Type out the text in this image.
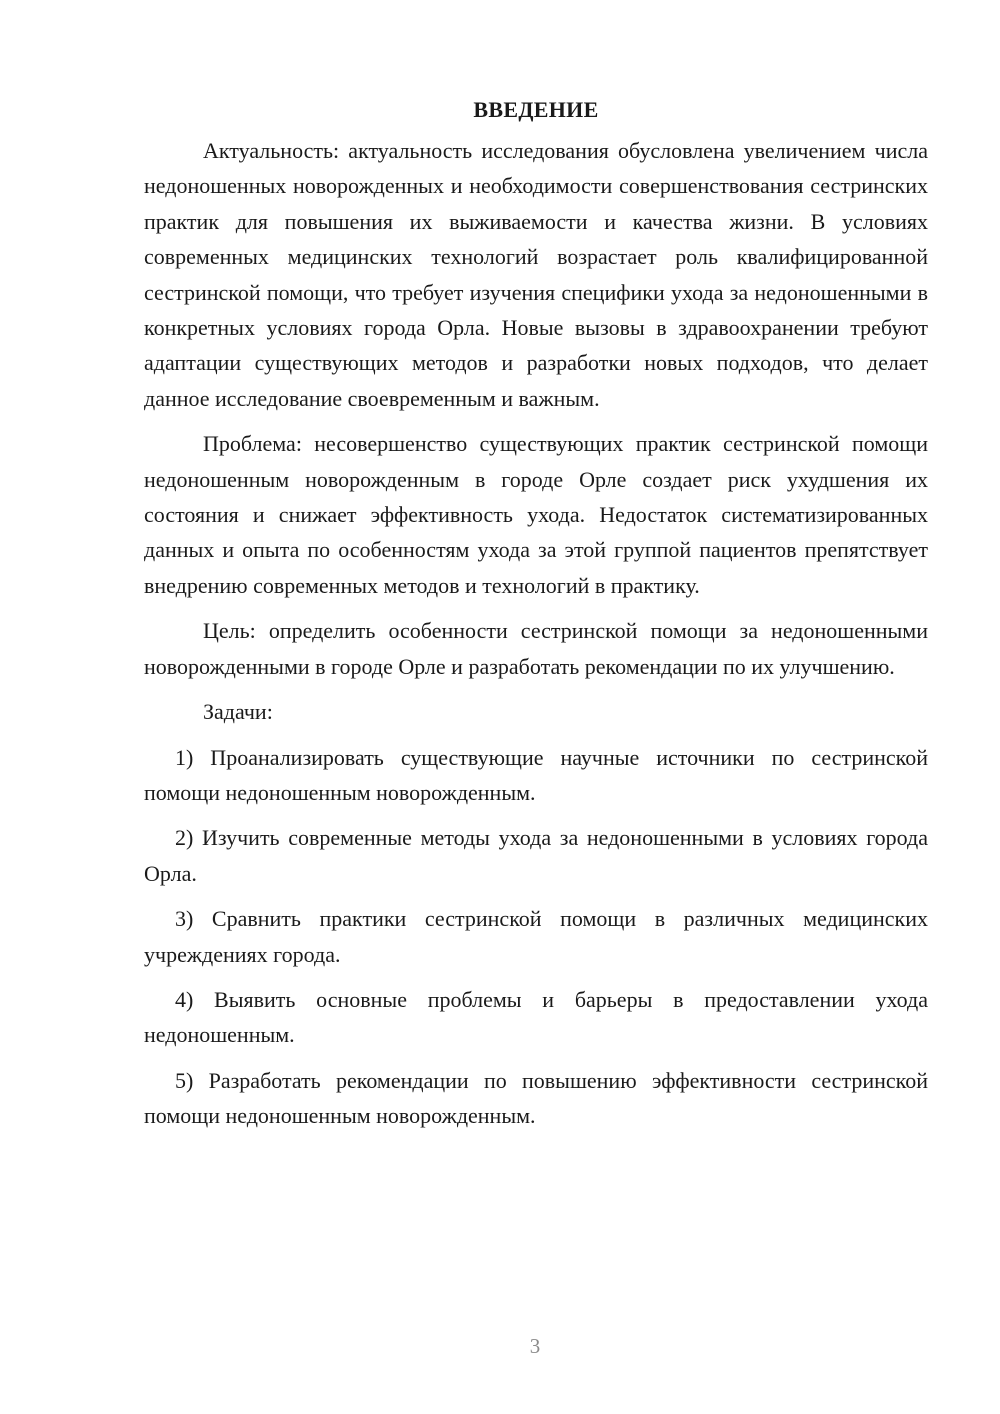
ВВЕДЕНИЕ

Актуальность: актуальность исследования обусловлена увеличением числа недоношенных новорожденных и необходимости совершенствования сестринских практик для повышения их выживаемости и качества жизни. В условиях современных медицинских технологий возрастает роль квалифицированной сестринской помощи, что требует изучения специфики ухода за недоношенными в конкретных условиях города Орла. Новые вызовы в здравоохранении требуют адаптации существующих методов и разработки новых подходов, что делает данное исследование своевременным и важным.

Проблема: несовершенство существующих практик сестринской помощи недоношенным новорожденным в городе Орле создает риск ухудшения их состояния и снижает эффективность ухода. Недостаток систематизированных данных и опыта по особенностям ухода за этой группой пациентов препятствует внедрению современных методов и технологий в практику.

Цель: определить особенности сестринской помощи за недоношенными новорожденными в городе Орле и разработать рекомендации по их улучшению.

Задачи:

1) Проанализировать существующие научные источники по сестринской помощи недоношенным новорожденным.

2) Изучить современные методы ухода за недоношенными в условиях города Орла.

3) Сравнить практики сестринской помощи в различных медицинских учреждениях города.

4) Выявить основные проблемы и барьеры в предоставлении ухода недоношенным.

5) Разработать рекомендации по повышению эффективности сестринской помощи недоношенным новорожденным.

3
